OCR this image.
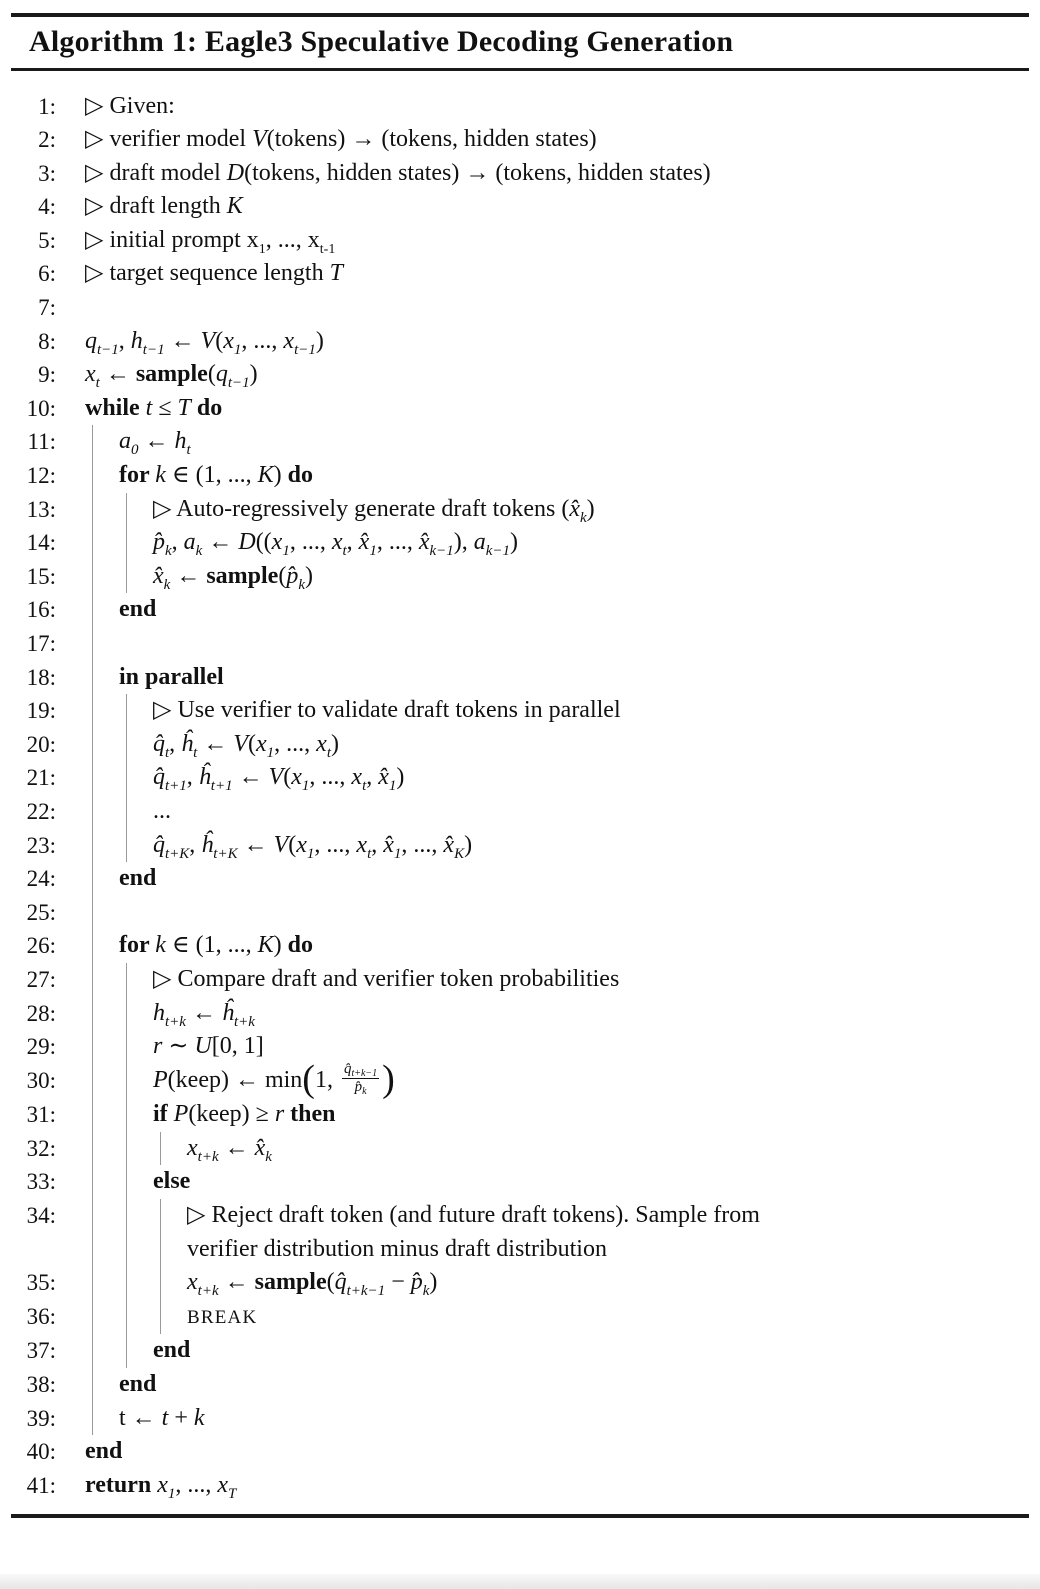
Algorithm 1: Eagle3 Speculative Decoding Generation
1: ▷ Given:
2: ▷ verifier model V(tokens) → (tokens, hidden states)
3: ▷ draft model D(tokens, hidden states) → (tokens, hidden states)
4: ▷ draft length K
5: ▷ initial prompt $x_1$, ..., $x_{t-1}$
6: ▷ target sequence length T
7:
8: $q_{t-1}$, $h_{t-1}$ ← $V(x_1$, ..., $x_{t-1}$)
9: $x_t$ ← $sample(q_{t-1})$
10: while t ≤ T do
11:	$a_0$ ← $h_t$
12:	for k ∈ (1, ..., K) do
13:	▷ Auto-regressively generate draft tokens $(x̂_k)$
14:	$p̂_k$, $a_k$ ← $D((x_1$, ..., $x_t$, $x̂_1$, ..., $x̂_{k-1}$), $a_{k-1}$)
15:	$x̂_k$ ← $sample(p̂_k)$
16:	end
17:
18:	in parallel
19:	▷ Use verifier to validate draft tokens in parallel
20:	$q̂_t$, $ĥ_t$ ← $V(x_1$, ..., $x_t$)
21:	$q̂_{t+1}$, $ĥ_{t+1}$ ← $V(x_1$, ..., $x_t$, $x̂_1$)
22:	...
23:	$q̂_{t+K}$, $ĥ_{t+K}$ ← $V(x_1$, ..., $x_t$, $x̂_1$, ..., $x̂_K$)
24:	end
25:
26:	for k ∈ (1, ..., K) do
27:	▷ Compare draft and verifier token probabilities
28:	$h_{t+k}$ ← $ĥ_{t+k}$
29:	r ∼ U[0, 1]
30:	P(keep) ← min(1, $\frac{q̂_{t+k-1}}{p̂_k}$ )
31:	if P(keep) ≥ r then
32:	$x_{t+k}$ ← $x̂_k$
33:	else
34:	▷ Reject draft token (and future draft tokens). Sample from
verifier distribution minus draft distribution
35:	$x_{t+k}$ ← $sample(q̂_{t+k-1}$ − $p̂_k$)
36:	BREAK
37:	end
38:	end
39:	t ← t + k
40: end
41: return $x_1$, ..., $x_T$
